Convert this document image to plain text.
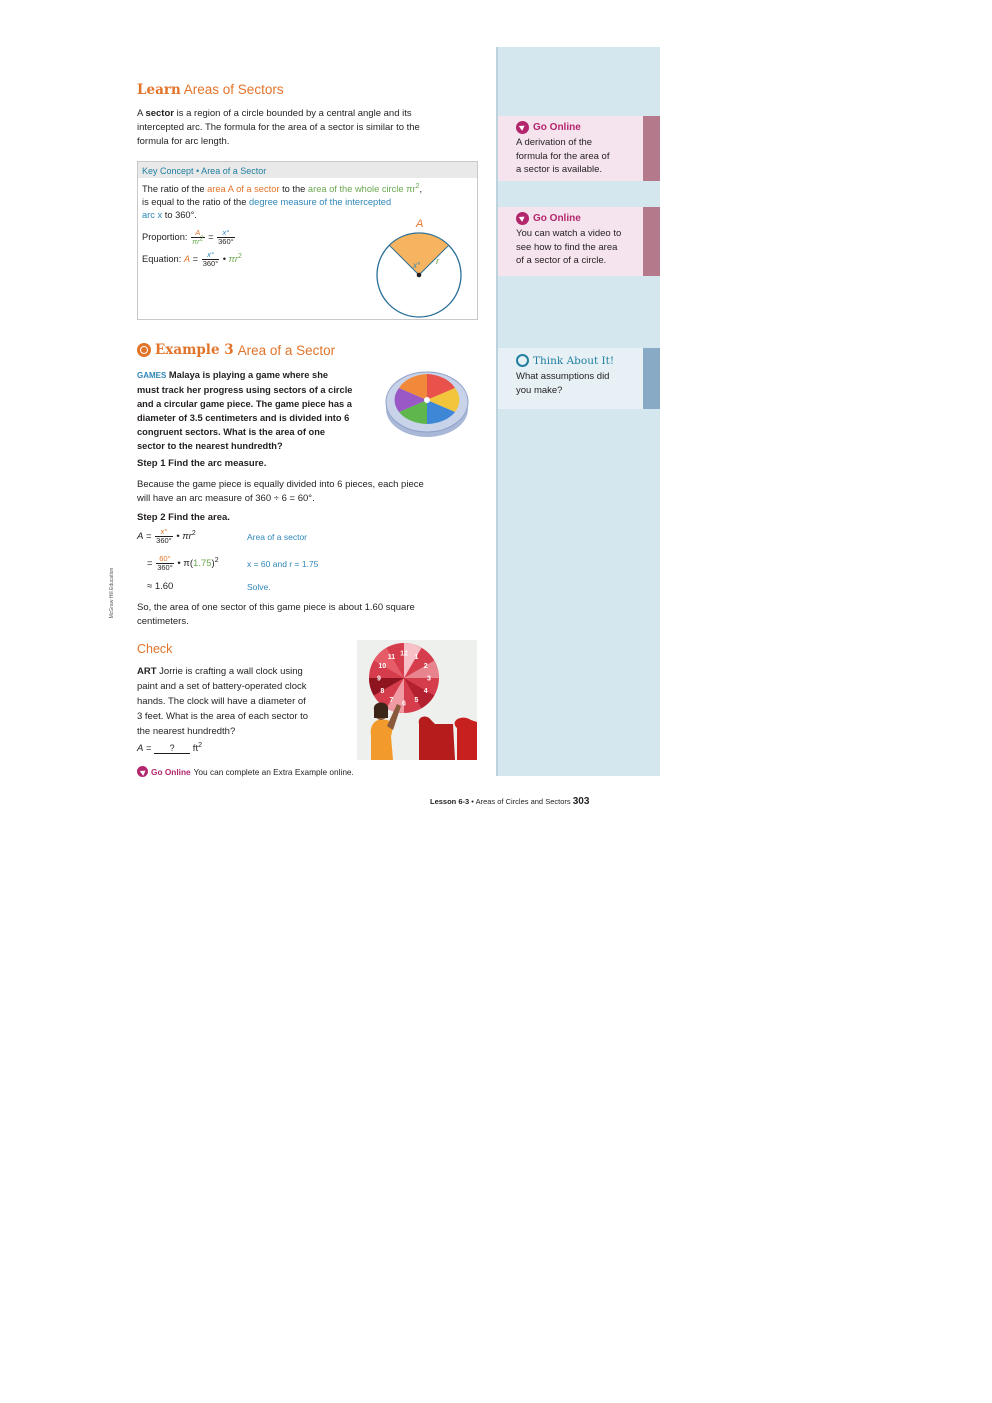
Go Online
A derivation of the
formula for the area of
a sector is available.
Go Online
You can watch a video to
see how to find the area
of a sector of a circle.
Think About It!
What assumptions did
you make?
Learn Areas of Sectors
A sector is a region of a circle bounded by a central angle and its
intercepted arc. The formula for the area of a sector is similar to the
formula for arc length.
Key Concept • Area of a Sector
The ratio of the area A of a sector to the area of the whole circle $\pi r^2$,
is equal to the ratio of the degree measure of the intercepted
arc x to 360°.
Proportion: $\frac{A}{\pi r2} = \frac{x^\circ}{360^\circ}$
Equation: $A = \frac{x^\circ}{360^\circ}$ • $\pi r^2$
A
x° r
Example 3 Area of a Sector
GAMES Malaya is playing a game where she
must track her progress using sectors of a circle
and a circular game piece. The game piece has a
diameter of 3.5 centimeters and is divided into 6
congruent sectors. What is the area of one
sector to the nearest hundredth?
Step 1 Find the arc measure.
Because the game piece is equally divided into 6 pieces, each piece
will have an arc measure of 360 ÷ 6 = 60°.
Step 2 Find the area.
$A = \frac{x^\circ}{360^\circ}$ • $\pi r^2$	Area of a sector
= $\frac{60^\circ}{360^\circ}$ • $\pi(1.75)^2$	x = 60 and r = 1.75
≈ 1.60	Solve.
So, the area of one sector of this game piece is about 1.60 square
centimeters.
Check
ART Jorrie is crafting a wall clock using
paint and a set of battery-operated clock
hands. The clock will have a diameter of
3 feet. What is the area of each sector to
the nearest hundredth?
A = ? $ft^2$
12 1
2
3
4
5
6
7
8
9
10
11
Go Online You can complete an Extra Example online.
McGraw Hill Education
Lesson 6-3 • Areas of Circles and Sectors 303
